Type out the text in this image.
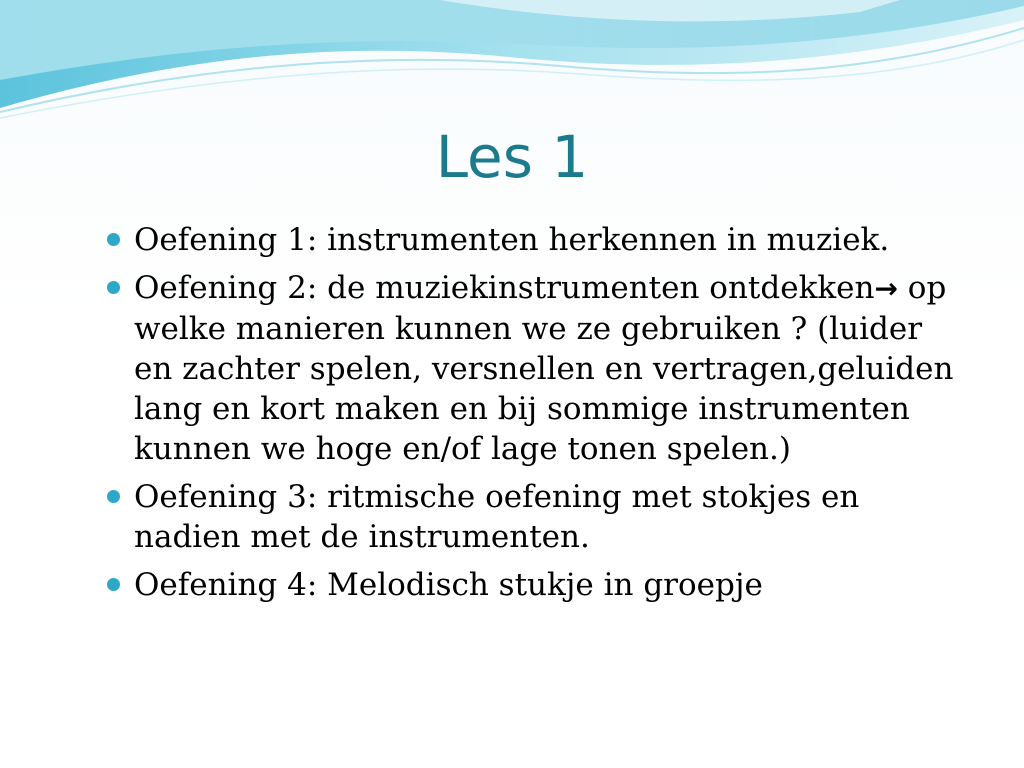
Les 1
Oefening 1: instrumenten herkennen in muziek.
Oefening 2: de muziekinstrumenten ontdekken→ op welke manieren kunnen we ze gebruiken ? (luider en zachter spelen, versnellen en vertragen,geluiden lang en kort maken en bij sommige instrumenten kunnen we hoge en/of lage tonen spelen.)
Oefening 3: ritmische oefening met stokjes en nadien met de instrumenten.
Oefening 4: Melodisch stukje in groepje
